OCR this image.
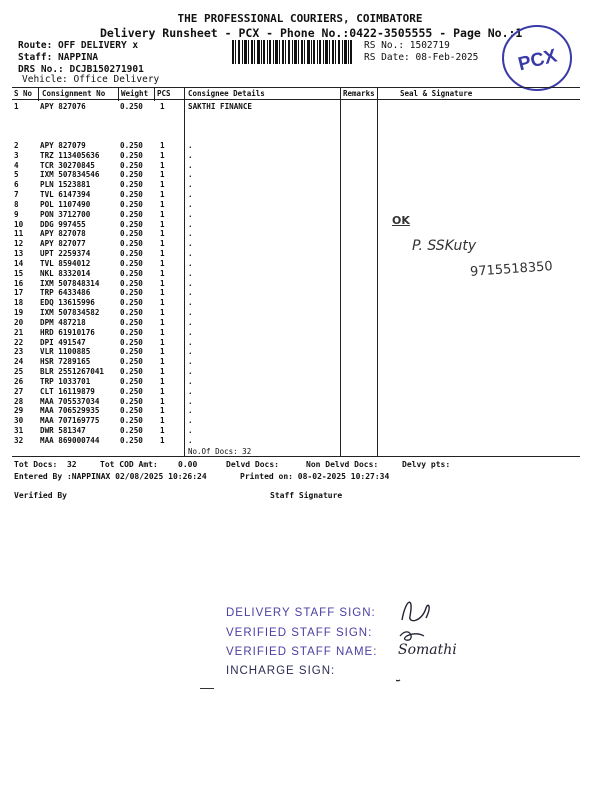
THE PROFESSIONAL COURIERS, COIMBATORE
Delivery Runsheet - PCX - Phone No.:0422-3505555 - Page No.:1
Route: OFF DELIVERY x
Staff: NAPPINA
DRS No.: DCJB150271901
Vehicle: Office Delivery
RS No.: 1502719
RS Date: 08-Feb-2025 PCX
S No Consignment No Weight PCS Consignee Details	Remarks	Seal & Signature
1	APY 827076	0.250 1	SAKTHI FINANCE
2	APY 827079	0.250 1	.
3	TRZ 113405636	0.250 1	.
4	TCR 30270845	0.250 1	.
5	IXM 507834546	0.250 1	.
6	PLN 1523881	0.250 1	.
7	TVL 6147394	0.250 1	.
8	POL 1107490	0.250 1	.
9	PON 3712700	0.250 1	.
10 DDG 997455	0.250 1	.
11 APY 827078	0.250 1	.
12 APY 827077	0.250 1	.
13 UPT 2259374	0.250 1	.
14 TVL 8594012	0.250 1	.
15 NKL 8332014	0.250 1	.
16 IXM 507848314	0.250 1	.
17 TRP 6433486	0.250 1	.
18 EDQ 13615996	0.250 1	.
19 IXM 507834582	0.250 1	.
20 DPM 487218	0.250 1	.
21 HRD 61910176	0.250 1	.
22 DPI 491547	0.250 1	.
23 VLR 1100885	0.250 1	.
24 HSR 7289165	0.250 1	.
25 BLR 2551267041 0.250 1	.
26 TRP 1033701	0.250 1	.
27 CLT 16119879	0.250 1	.
28 MAA 705537034	0.250 1	.
29 MAA 706529935	0.250 1	.
30 MAA 707169775	0.250 1	.
31 DWR 581347	0.250 1	.
32 MAA 869000744	0.250 1	.
No.Of Docs: 32
OK
P. SSKuty
9715518350
Tot Docs:  32	Tot COD Amt:	0.00	Delvd Docs:	Non Delvd Docs:	Delvy pts:
Entered By :NAPPINAX 02/08/2025 10:26:24	Printed on: 08-02-2025 10:27:34
Verified By	Staff Signature
DELIVERY STAFF SIGN:
VERIFIED STAFF SIGN:
VERIFIED STAFF NAME:
INCHARGE SIGN:
Somathi
